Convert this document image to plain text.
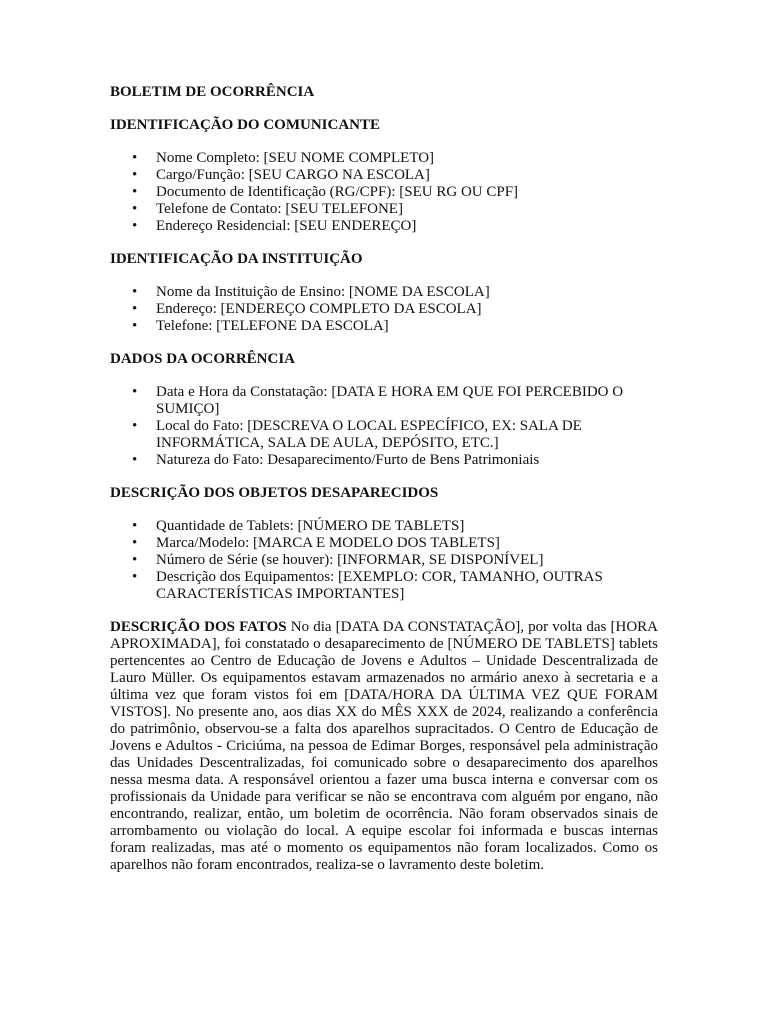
BOLETIM DE OCORRÊNCIA
IDENTIFICAÇÃO DO COMUNICANTE
• Nome Completo: [SEU NOME COMPLETO]
• Cargo/Função: [SEU CARGO NA ESCOLA]
• Documento de Identificação (RG/CPF): [SEU RG OU CPF]
• Telefone de Contato: [SEU TELEFONE]
• Endereço Residencial: [SEU ENDEREÇO]
IDENTIFICAÇÃO DA INSTITUIÇÃO
• Nome da Instituição de Ensino: [NOME DA ESCOLA]
• Endereço: [ENDEREÇO COMPLETO DA ESCOLA]
• Telefone: [TELEFONE DA ESCOLA]
DADOS DA OCORRÊNCIA
• Data e Hora da Constatação: [DATA E HORA EM QUE FOI PERCEBIDO O SUMIÇO]
• Local do Fato: [DESCREVA O LOCAL ESPECÍFICO, EX: SALA DE INFORMÁTICA, SALA DE AULA, DEPÓSITO, ETC.]
• Natureza do Fato: Desaparecimento/Furto de Bens Patrimoniais
DESCRIÇÃO DOS OBJETOS DESAPARECIDOS
• Quantidade de Tablets: [NÚMERO DE TABLETS]
• Marca/Modelo: [MARCA E MODELO DOS TABLETS]
• Número de Série (se houver): [INFORMAR, SE DISPONÍVEL]
• Descrição dos Equipamentos: [EXEMPLO: COR, TAMANHO, OUTRAS CARACTERÍSTICAS IMPORTANTES]

DESCRIÇÃO DOS FATOS No dia [DATA DA CONSTATAÇÃO], por volta das [HORA APROXIMADA], foi constatado o desaparecimento de [NÚMERO DE TABLETS] tablets pertencentes ao Centro de Educação de Jovens e Adultos – Unidade Descentralizada de Lauro Müller. Os equipamentos estavam armazenados no armário anexo à secretaria e a última vez que foram vistos foi em [DATA/HORA DA ÚLTIMA VEZ QUE FORAM VISTOS]. No presente ano, aos dias XX do MÊS XXX de 2024, realizando a conferência do patrimônio, observou-se a falta dos aparelhos supracitados. O Centro de Educação de Jovens e Adultos - Criciúma, na pessoa de Edimar Borges, responsável pela administração das Unidades Descentralizadas, foi comunicado sobre o desaparecimento dos aparelhos nessa mesma data. A responsável orientou a fazer uma busca interna e conversar com os profissionais da Unidade para verificar se não se encontrava com alguém por engano, não encontrando, realizar, então, um boletim de ocorrência. Não foram observados sinais de arrombamento ou violação do local. A equipe escolar foi informada e buscas internas foram realizadas, mas até o momento os equipamentos não foram localizados. Como os aparelhos não foram encontrados, realiza-se o lavramento deste boletim.
